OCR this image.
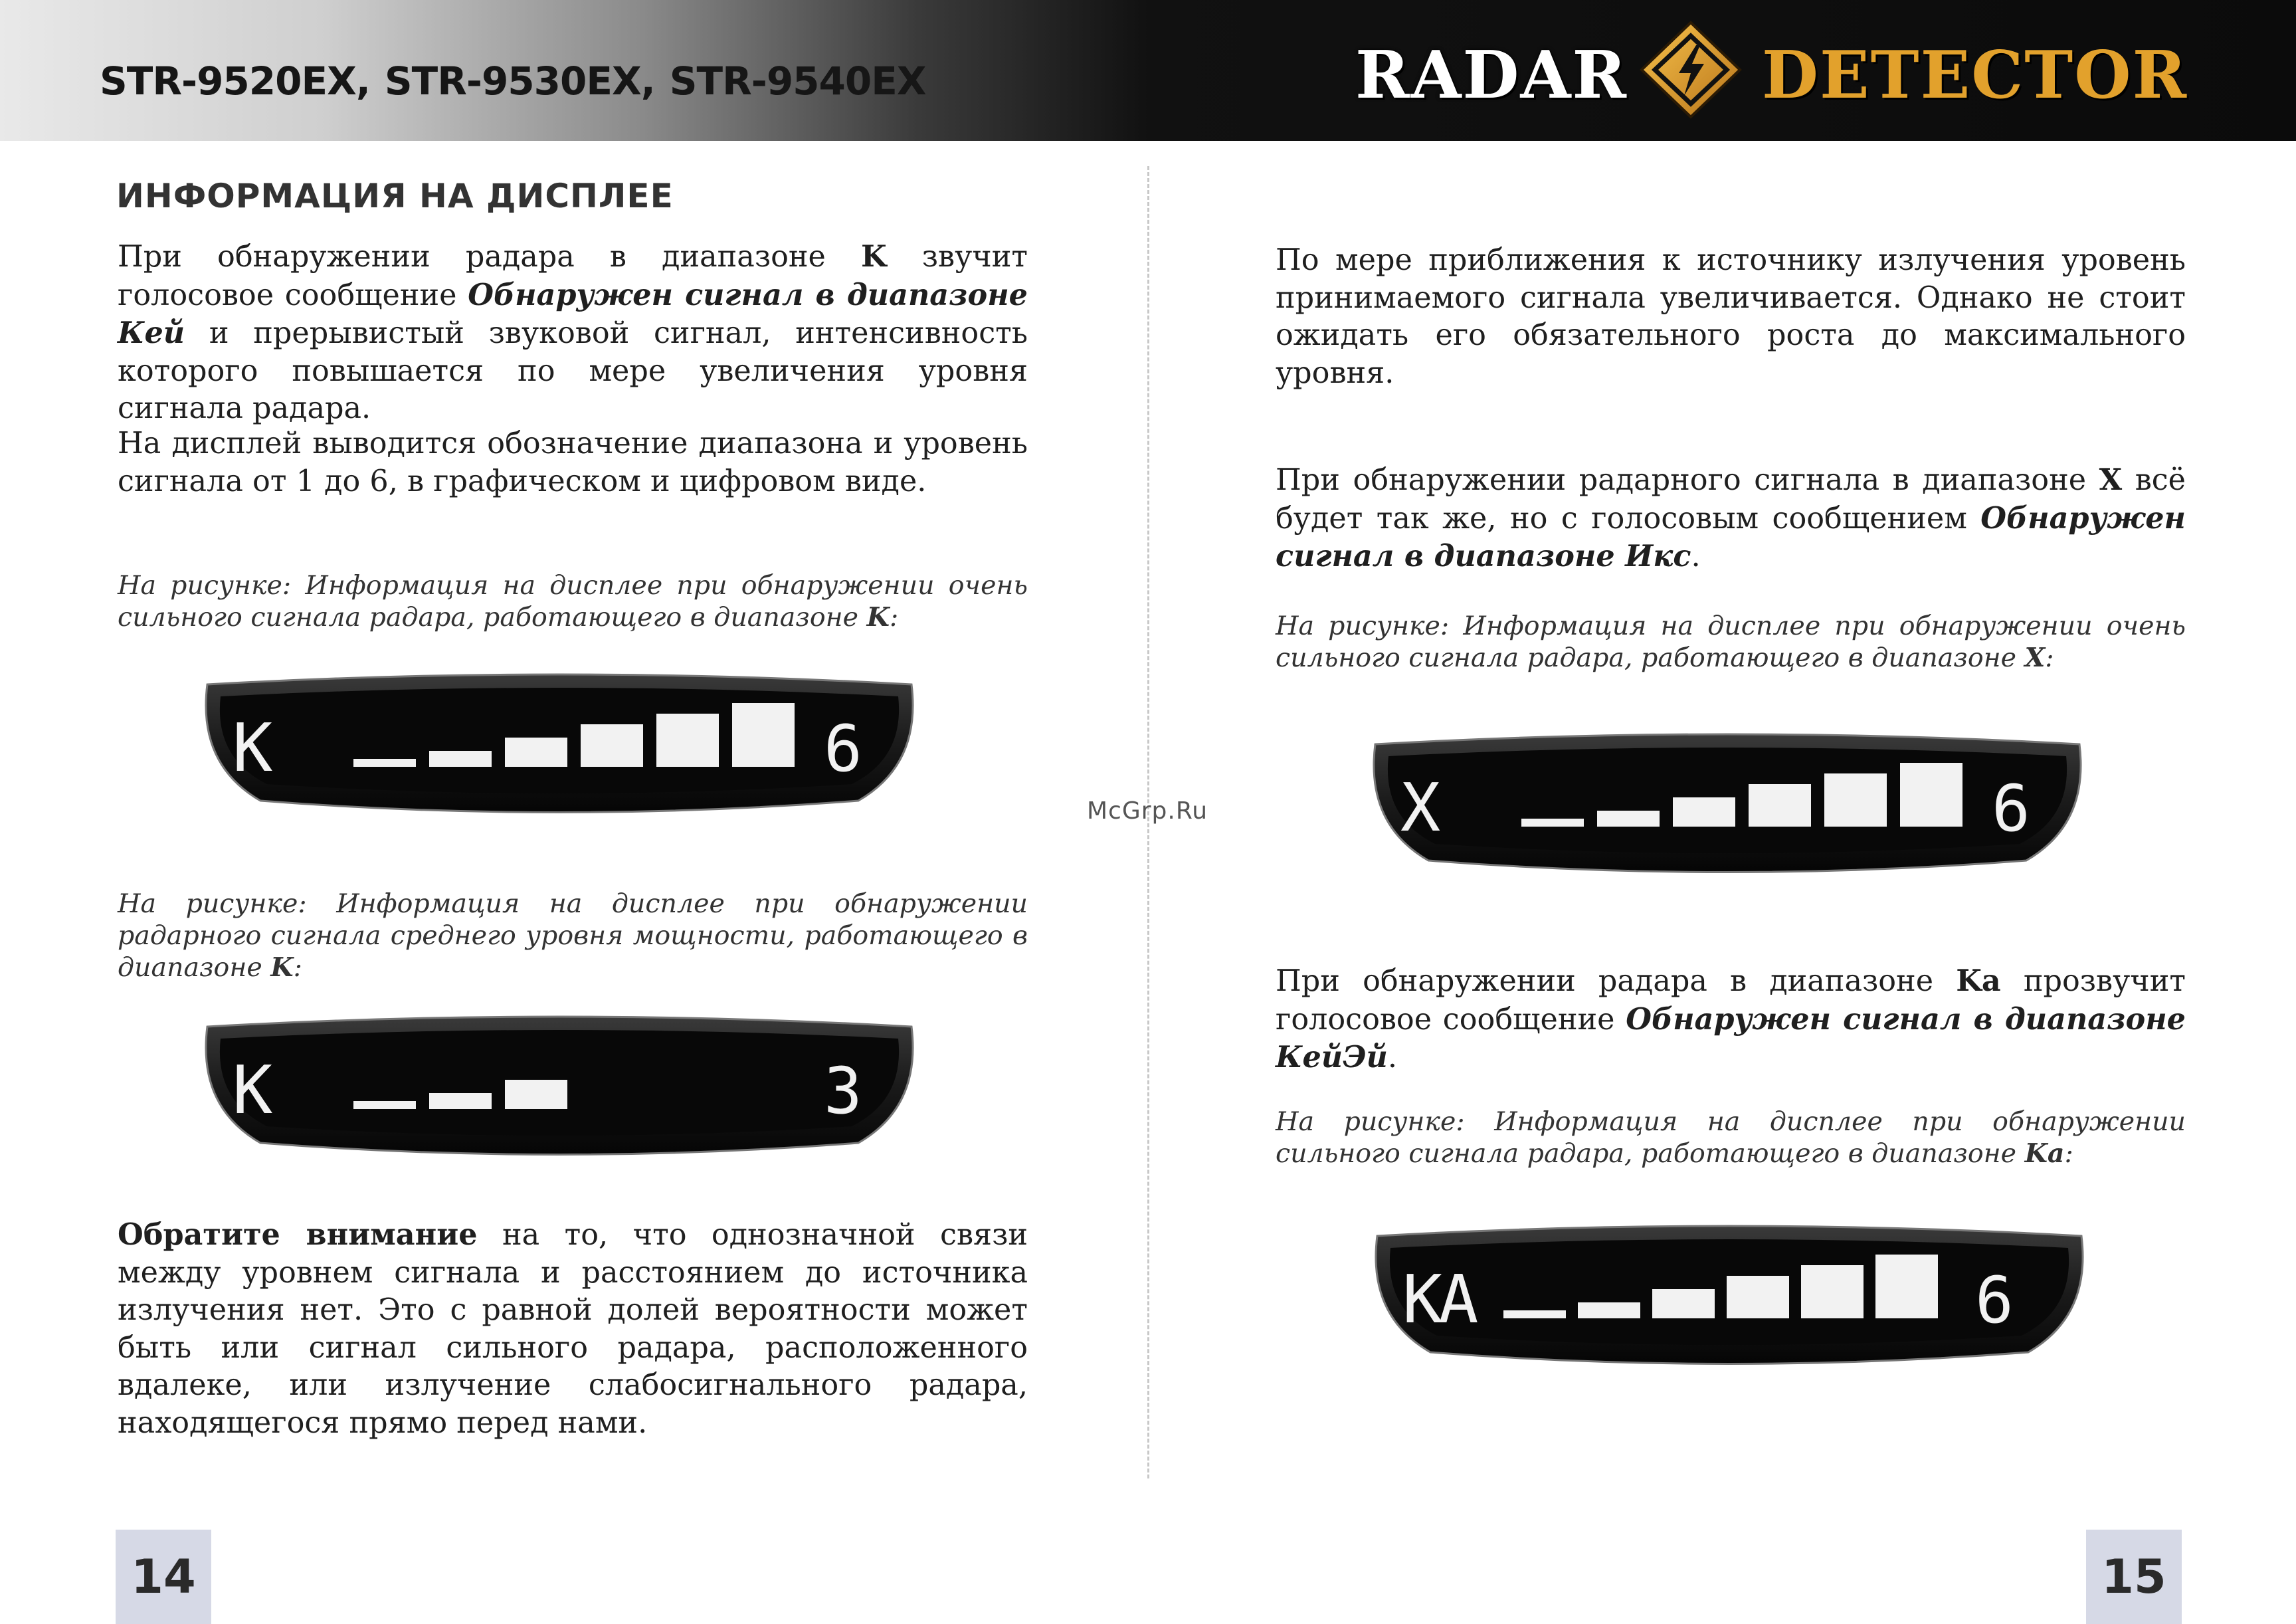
STR-9520EX, STR-9530EX, STR-9540EX	RADAR DETECTOR
McGrp.Ru
ИНФОРМАЦИЯ НА ДИСПЛЕЕ
При обнаружении радара в диапазоне K звучит голосовое сообщение Обнаружен сигнал в диапазоне Кей и прерывистый звуковой сигнал, интенсивность которого повышается по мере увеличения уровня сигнала радара.
На дисплей выводится обозначение диапазона и уровень сигнала от 1 до 6, в графическом и цифровом виде.
На рисунке: Информация на дисплее при обнаружении очень сильного сигнала радара, работающего в диапазоне K:
K	6
На рисунке: Информация на дисплее при обнаружении радарного сигнала среднего уровня мощности, работающего в диапазоне K:
K	3
Обратите внимание на то, что однозначной связи между уровнем сигнала и расстоянием до источника излучения нет. Это с равной долей вероятности может быть или сигнал сильного радара, расположенного вдалеке, или излучение слабосигнального радара, находящегося прямо перед нами.
14
По мере приближения к источнику излучения уровень принимаемого сигнала увеличивается. Однако не стоит ожидать его обязательного роста до максимального уровня.
При обнаружении радарного сигнала в диапазоне X всё будет так же, но с голосовым сообщением Обнаружен сигнал в диапазоне Икс.
На рисунке: Информация на дисплее при обнаружении очень сильного сигнала радара, работающего в диапазоне X:
X	6
При обнаружении радара в диапазоне Ka прозвучит голосовое сообщение Обнаружен сигнал в диапазоне КейЭй.
На рисунке: Информация на дисплее при обнаружении сильного сигнала радара, работающего в диапазоне Ka:
KA	6
15
